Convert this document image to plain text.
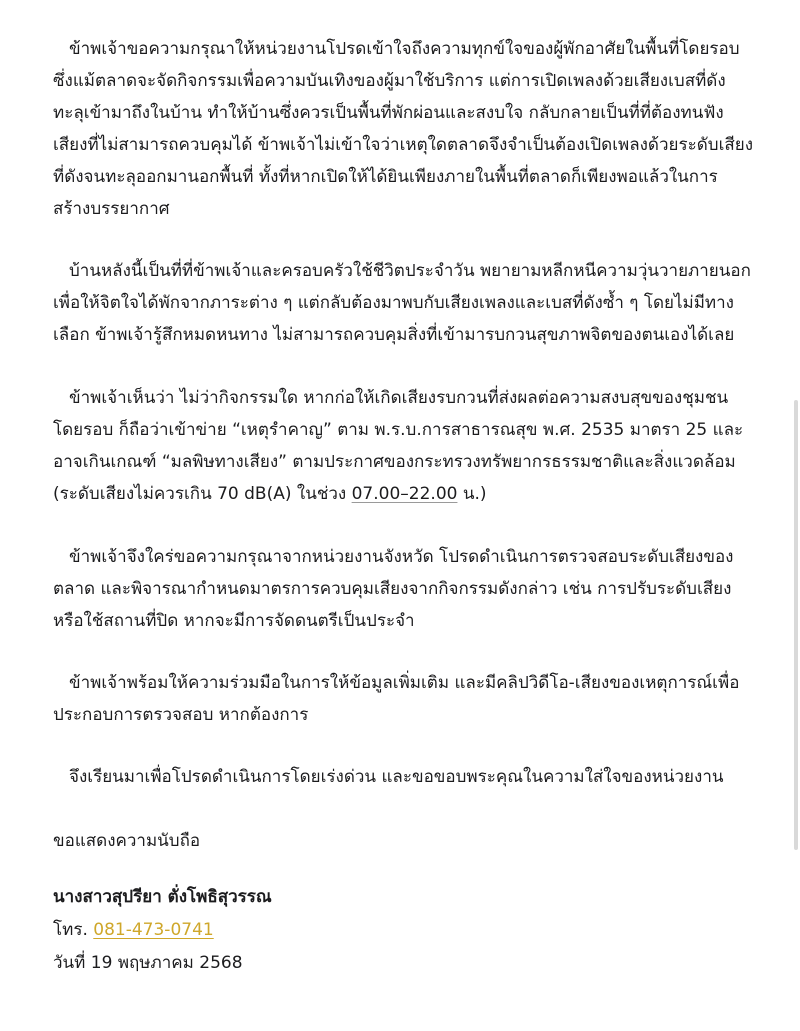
ข้าพเจ้าขอความกรุณาให้หน่วยงานโปรดเข้าใจถึงความทุกข์ใจของผู้พักอาศัยในพื้นที่โดยรอบ ซึ่งแม้ตลาดจะจัดกิจกรรมเพื่อความบันเทิงของผู้มาใช้บริการ แต่การเปิดเพลงด้วยเสียงเบสที่ดังทะลุเข้ามาถึงในบ้าน ทำให้บ้านซึ่งควรเป็นพื้นที่พักผ่อนและสงบใจ กลับกลายเป็นที่ที่ต้องทนฟังเสียงที่ไม่สามารถควบคุมได้ ข้าพเจ้าไม่เข้าใจว่าเหตุใดตลาดจึงจำเป็นต้องเปิดเพลงด้วยระดับเสียงที่ดังจนทะลุออกมานอกพื้นที่ ทั้งที่หากเปิดให้ได้ยินเพียงภายในพื้นที่ตลาดก็เพียงพอแล้วในการสร้างบรรยากาศ

บ้านหลังนี้เป็นที่ที่ข้าพเจ้าและครอบครัวใช้ชีวิตประจำวัน พยายามหลีกหนีความวุ่นวายภายนอกเพื่อให้จิตใจได้พักจากภาระต่าง ๆ แต่กลับต้องมาพบกับเสียงเพลงและเบสที่ดังซ้ำ ๆ โดยไม่มีทางเลือก ข้าพเจ้ารู้สึกหมดหนทาง ไม่สามารถควบคุมสิ่งที่เข้ามารบกวนสุขภาพจิตของตนเองได้เลย

ข้าพเจ้าเห็นว่า ไม่ว่ากิจกรรมใด หากก่อให้เกิดเสียงรบกวนที่ส่งผลต่อความสงบสุขของชุมชนโดยรอบ ก็ถือว่าเข้าข่าย “เหตุรำคาญ” ตาม พ.ร.บ.การสาธารณสุข พ.ศ. 2535 มาตรา 25 และอาจเกินเกณฑ์ “มลพิษทางเสียง” ตามประกาศของกระทรวงทรัพยากรธรรมชาติและสิ่งแวดล้อม (ระดับเสียงไม่ควรเกิน 70 dB(A) ในช่วง 07.00–22.00 น.)

ข้าพเจ้าจึงใคร่ขอความกรุณาจากหน่วยงานจังหวัด โปรดดำเนินการตรวจสอบระดับเสียงของตลาด และพิจารณากำหนดมาตรการควบคุมเสียงจากกิจกรรมดังกล่าว เช่น การปรับระดับเสียงหรือใช้สถานที่ปิด หากจะมีการจัดดนตรีเป็นประจำ

ข้าพเจ้าพร้อมให้ความร่วมมือในการให้ข้อมูลเพิ่มเติม และมีคลิปวิดีโอ-เสียงของเหตุการณ์เพื่อประกอบการตรวจสอบ หากต้องการ

จึงเรียนมาเพื่อโปรดดำเนินการโดยเร่งด่วน และขอขอบพระคุณในความใส่ใจของหน่วยงาน

ขอแสดงความนับถือ

นางสาวสุปรียา ตั่งโพธิสุวรรณ
โทร. 081-473-0741
วันที่ 19 พฤษภาคม 2568
